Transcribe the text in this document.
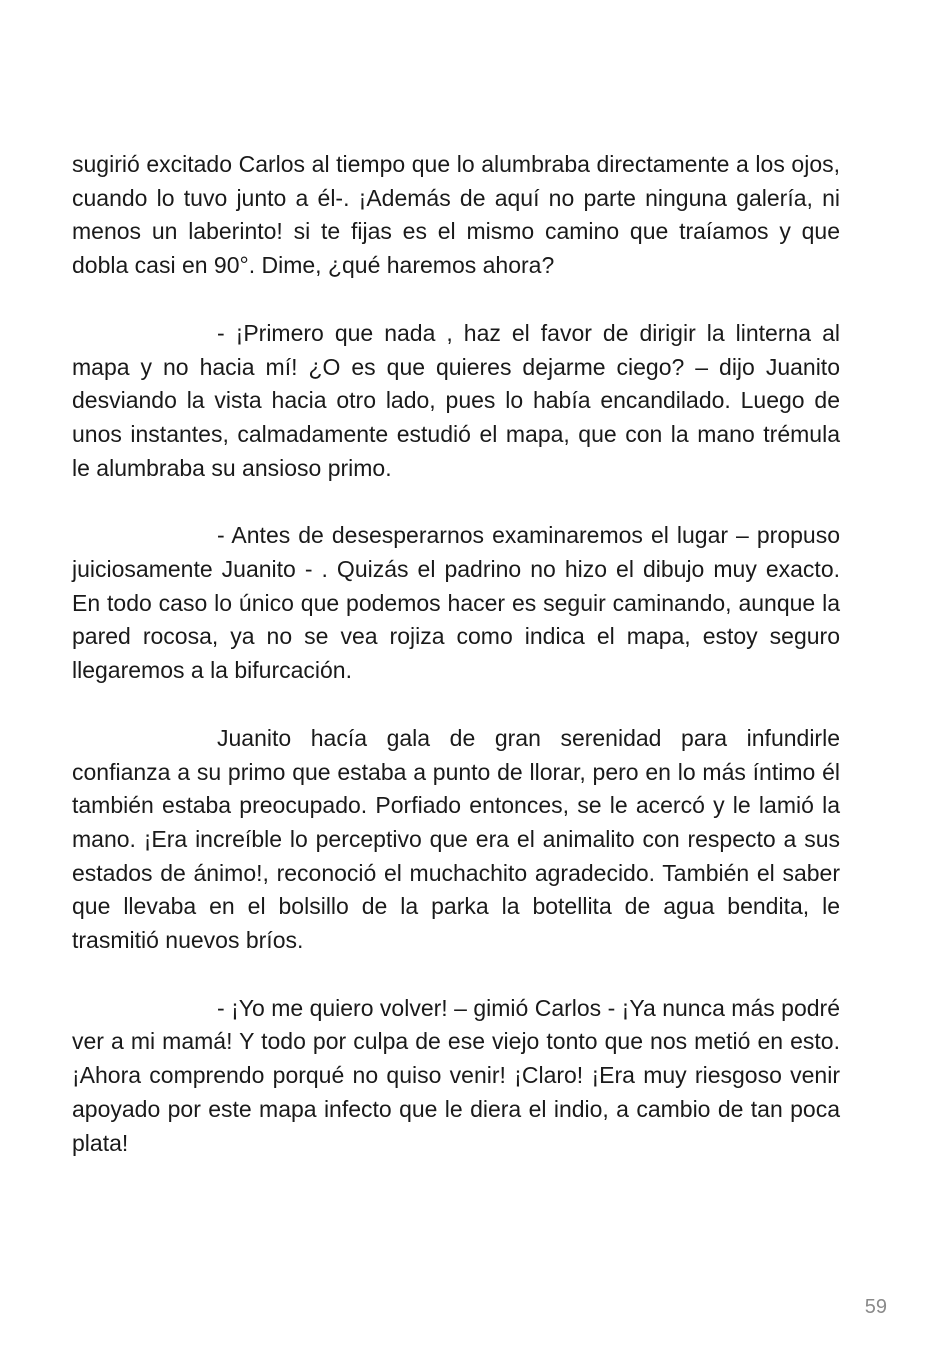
sugirió excitado Carlos al tiempo que lo alumbraba directamente a los ojos, cuando lo tuvo junto a él-. ¡Además de aquí no parte ninguna galería, ni menos un laberinto! si te fijas es el mismo camino que traíamos y que dobla casi en 90°. Dime, ¿qué haremos ahora?

- ¡Primero que nada , haz el favor de dirigir la linterna al mapa y no hacia mí! ¿O es que quieres dejarme ciego? – dijo Juanito desviando la vista hacia otro lado, pues lo había encandilado. Luego de unos instantes, calmadamente estudió el mapa, que con la mano trémula le alumbraba su ansioso primo.

- Antes de desesperarnos examinaremos el lugar – propuso juiciosamente Juanito - . Quizás el padrino no hizo el dibujo muy exacto. En todo caso lo único que podemos hacer es seguir caminando, aunque la pared rocosa, ya no se vea rojiza como indica el mapa, estoy seguro llegaremos a la bifurcación.

Juanito hacía gala de gran serenidad para infundirle confianza a su primo que estaba a punto de llorar, pero en lo más íntimo él también estaba preocupado. Porfiado entonces, se le acercó y le lamió la mano. ¡Era increíble lo perceptivo que era el animalito con respecto a sus estados de ánimo!, reconoció el muchachito agradecido. También el saber que llevaba en el bolsillo de la parka la botellita de agua bendita, le trasmitió nuevos bríos.

- ¡Yo me quiero volver! – gimió Carlos - ¡Ya nunca más podré ver a mi mamá! Y todo por culpa de ese viejo tonto que nos metió en esto. ¡Ahora comprendo porqué no quiso venir! ¡Claro! ¡Era muy riesgoso venir apoyado por este mapa infecto que le diera el indio, a cambio de tan poca plata!

59
